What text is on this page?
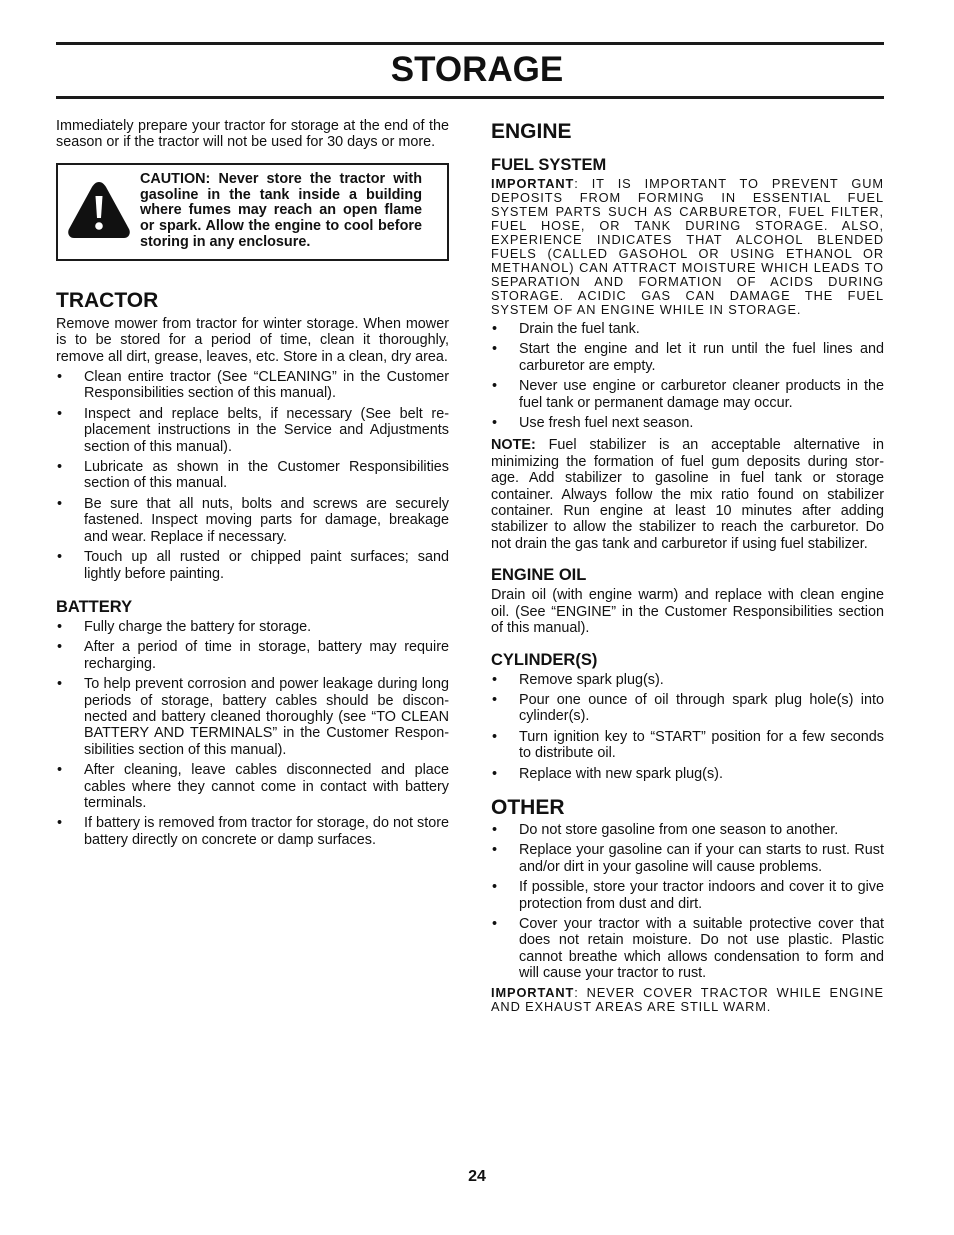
STORAGE

Immediately prepare your tractor for storage at the end of the season or if the tractor will not be used for 30 days or more.

CAUTION: Never store the tractor with gasoline in the tank inside a building where fumes may reach an open flame or spark. Allow the engine to cool before storing in any enclosure.
TRACTOR

Remove mower from tractor for winter storage. When mower is to be stored for a period of time, clean it thoroughly, remove all dirt, grease, leaves, etc. Store in a clean, dry area.

• Clean entire tractor (See “CLEANING” in the Customer Responsibilities section of this manual).
• Inspect and replace belts, if necessary (See belt re-placement instructions in the Service and Adjustments section of this manual).
• Lubricate as shown in the Customer Responsibilities section of this manual.
• Be sure that all nuts, bolts and screws are securely fastened. Inspect moving parts for damage, breakage and wear. Replace if necessary.
• Touch up all rusted or chipped paint surfaces; sand lightly before painting.
BATTERY
• Fully charge the battery for storage.
• After a period of time in storage, battery may require recharging.
• To help prevent corrosion and power leakage during long periods of storage, battery cables should be discon-nected and battery cleaned thoroughly (see “TO CLEAN BATTERY AND TERMINALS” in the Customer Respon-sibilities section of this manual).
• After cleaning, leave cables disconnected and place cables where they cannot come in contact with battery terminals.
• If battery is removed from tractor for storage, do not store battery directly on concrete or damp surfaces.
ENGINE
FUEL SYSTEM
IMPORTANT: IT IS IMPORTANT TO PREVENT GUM DEPOSITS FROM FORMING IN ESSENTIAL FUEL SYSTEM PARTS SUCH AS CARBURETOR, FUEL FILTER, FUEL HOSE, OR TANK DURING STORAGE. ALSO, EXPERIENCE INDICATES THAT ALCOHOL BLENDED FUELS (CALLED GASOHOL OR USING ETHANOL OR METHANOL) CAN ATTRACT MOISTURE WHICH LEADS TO SEPARATION AND FORMATION OF ACIDS DURING STORAGE. ACIDIC GAS CAN DAMAGE THE FUEL SYSTEM OF AN ENGINE WHILE IN STORAGE.
• Drain the fuel tank.
• Start the engine and let it run until the fuel lines and carburetor are empty.
• Never use engine or carburetor cleaner products in the fuel tank or permanent damage may occur.
• Use fresh fuel next season.

NOTE: Fuel stabilizer is an acceptable alternative in minimizing the formation of fuel gum deposits during stor-age. Add stabilizer to gasoline in fuel tank or storage container. Always follow the mix ratio found on stabilizer container. Run engine at least 10 minutes after adding stabilizer to allow the stabilizer to reach the carburetor. Do not drain the gas tank and carburetor if using fuel stabilizer.

ENGINE OIL

Drain oil (with engine warm) and replace with clean engine oil. (See “ENGINE” in the Customer Responsibilities section of this manual).

CYLINDER(S)
• Remove spark plug(s).
• Pour one ounce of oil through spark plug hole(s) into cylinder(s).
• Turn ignition key to “START” position for a few seconds to distribute oil.
• Replace with new spark plug(s).
OTHER
• Do not store gasoline from one season to another.
• Replace your gasoline can if your can starts to rust. Rust and/or dirt in your gasoline will cause problems.
• If possible, store your tractor indoors and cover it to give protection from dust and dirt.
• Cover your tractor with a suitable protective cover that does not retain moisture. Do not use plastic. Plastic cannot breathe which allows condensation to form and will cause your tractor to rust.
IMPORTANT: NEVER COVER TRACTOR WHILE ENGINE AND EXHAUST AREAS ARE STILL WARM.
24
